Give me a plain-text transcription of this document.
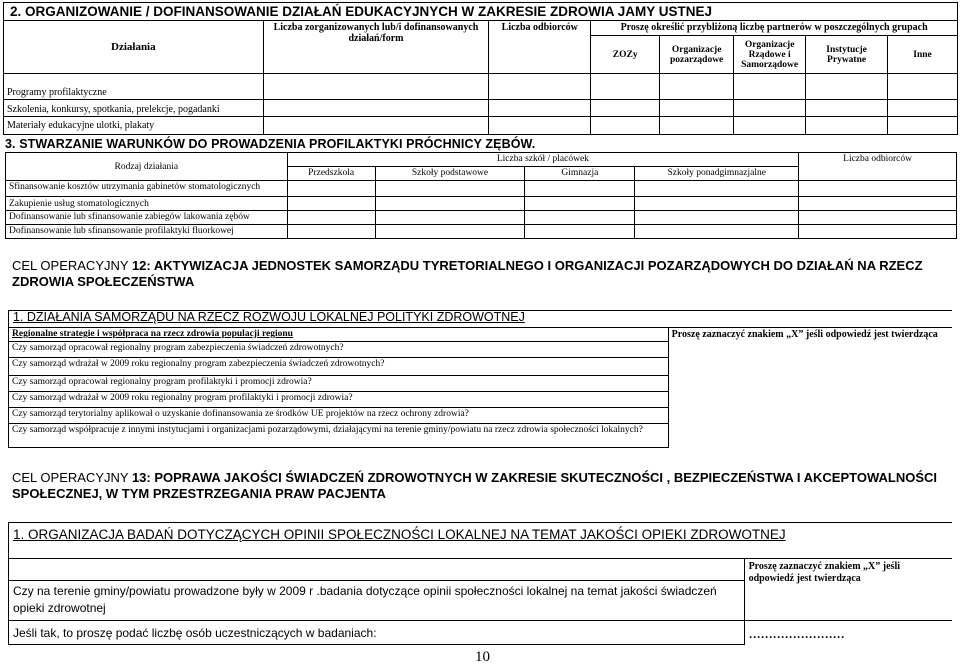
2. ORGANIZOWANIE / DOFINANSOWANIE DZIAŁAŃ EDUKACYJNYCH W ZAKRESIE ZDROWIA JAMY USTNEJ							
Działania	Liczba zorganizowanych lub/i dofinansowanych działań/form	Liczba odbiorców	Proszę określić przybliżoną liczbę partnerów w poszczególnych grupach				
			ZOZy	Organizacje pozarządowe	Organizacje Rządowe i Samorządowe	Instytucje Prywatne	Inne
Programy profilaktyczne							
Szkolenia, konkursy, spotkania, prelekcje, pogadanki							
Materiały edukacyjne ulotki, plakaty							
3. STWARZANIE WARUNKÓW DO PROWADZENIA PROFILAKTYKI PRÓCHNICY ZĘBÓW.
Rodzaj działania	Liczba szkół / placówek				Liczba odbiorców
	Przedszkola	Szkoły podstawowe	Gimnazja	Szkoły ponadgimnazjalne	
Sfinansowanie kosztów utrzymania gabinetów stomatologicznych					
Zakupienie usług stomatologicznych					
Dofinansowanie lub sfinansowanie zabiegów lakowania zębów					
Dofinansowanie lub sfinansowanie profilaktyki fluorkowej					
CEL OPERACYJNY 12: AKTYWIZACJA JEDNOSTEK SAMORZĄDU TYRETORIALNEGO I ORGANIZACJI POZARZĄDOWYCH DO DZIAŁAŃ NA RZECZ ZDROWIA SPOŁECZEŃSTWA
1. DZIAŁANIA SAMORZĄDU NA RZECZ ROZWOJU LOKALNEJ POLITYKI ZDROWOTNEJ
Regionalne strategie i współpraca na rzecz zdrowia populacji regionu	Proszę zaznaczyć znakiem „X” jeśli odpowiedź jest twierdząca
Czy samorząd opracował regionalny program zabezpieczenia świadczeń zdrowotnych?
Czy samorząd wdrażał w 2009 roku regionalny program zabezpieczenia świadczeń zdrowotnych?
Czy samorząd opracował regionalny program profilaktyki i promocji zdrowia?
Czy samorząd wdrażał w 2009 roku regionalny program profilaktyki i promocji zdrowia?
Czy samorząd terytorialny aplikował o uzyskanie dofinansowania ze środków UE projektów na rzecz ochrony zdrowia?
Czy samorząd współpracuje z innymi instytucjami i organizacjami pozarządowymi, działającymi na terenie gminy/powiatu na rzecz zdrowia społeczności lokalnych?
CEL OPERACYJNY 13: POPRAWA JAKOŚCI ŚWIADCZEŃ ZDROWOTNYCH W ZAKRESIE SKUTECZNOŚCI , BEZPIECZEŃSTWA I AKCEPTOWALNOŚCI SPOŁECZNEJ, W TYM PRZESTRZEGANIA PRAW PACJENTA
1. ORGANIZACJA BADAŃ DOTYCZĄCYCH OPINII SPOŁECZNOŚCI LOKALNEJ NA TEMAT JAKOŚCI OPIEKI ZDROWOTNEJ	
	Proszę zaznaczyć znakiem „X” jeśli odpowiedź jest twierdząca
Czy na terenie gminy/powiatu prowadzone były w 2009 r .badania dotyczące opinii społeczności lokalnej na temat jakości świadczeń opieki zdrowotnej	
Jeśli tak, to proszę podać liczbę osób uczestniczących w badaniach:	……………………
10
